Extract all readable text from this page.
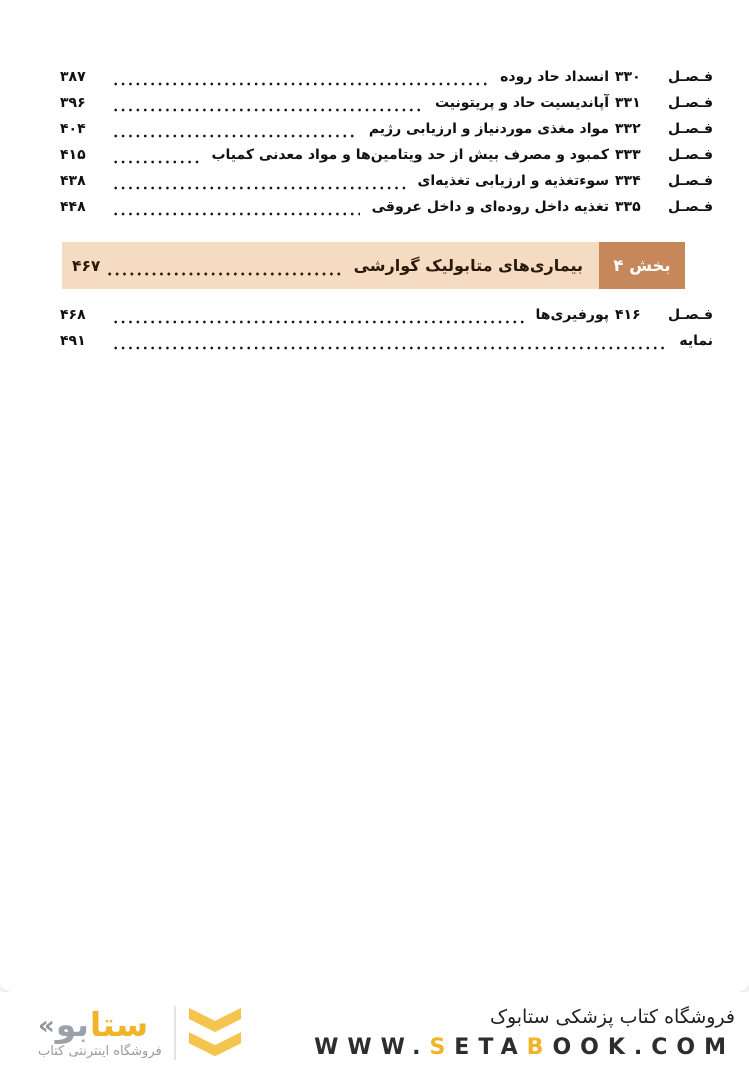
فـصـل
۳۳۰
انسداد حاد روده
۳۸۷
فـصـل
۳۳۱
آپاندیسیت حاد و پریتونیت
۳۹۶
فـصـل
۳۳۲
مواد مغذی موردنیاز و ارزیابی رژیم
۴۰۴
فـصـل
۳۳۳
کمبود و مصرف بیش از حد ویتامین‌ها و مواد معدنی کمیاب
۴۱۵
فـصـل
۳۳۴
سوءتغذیه و ارزیابی تغذیه‌ای
۴۳۸
فـصـل
۳۳۵
تغذیه داخل روده‌ای و داخل عروقی
۴۴۸
بخش ۴
بیماری‌های متابولیک گوارشی
۴۶۷
فـصـل
۴۱۶
پورفیری‌ها
۴۶۸
نمایه
۴۹۱
« بو ستا
فروشگاه اینترنتی کتاب
فروشگاه کتاب پزشکی ستابوک
WWW.SETABOOK.COM
